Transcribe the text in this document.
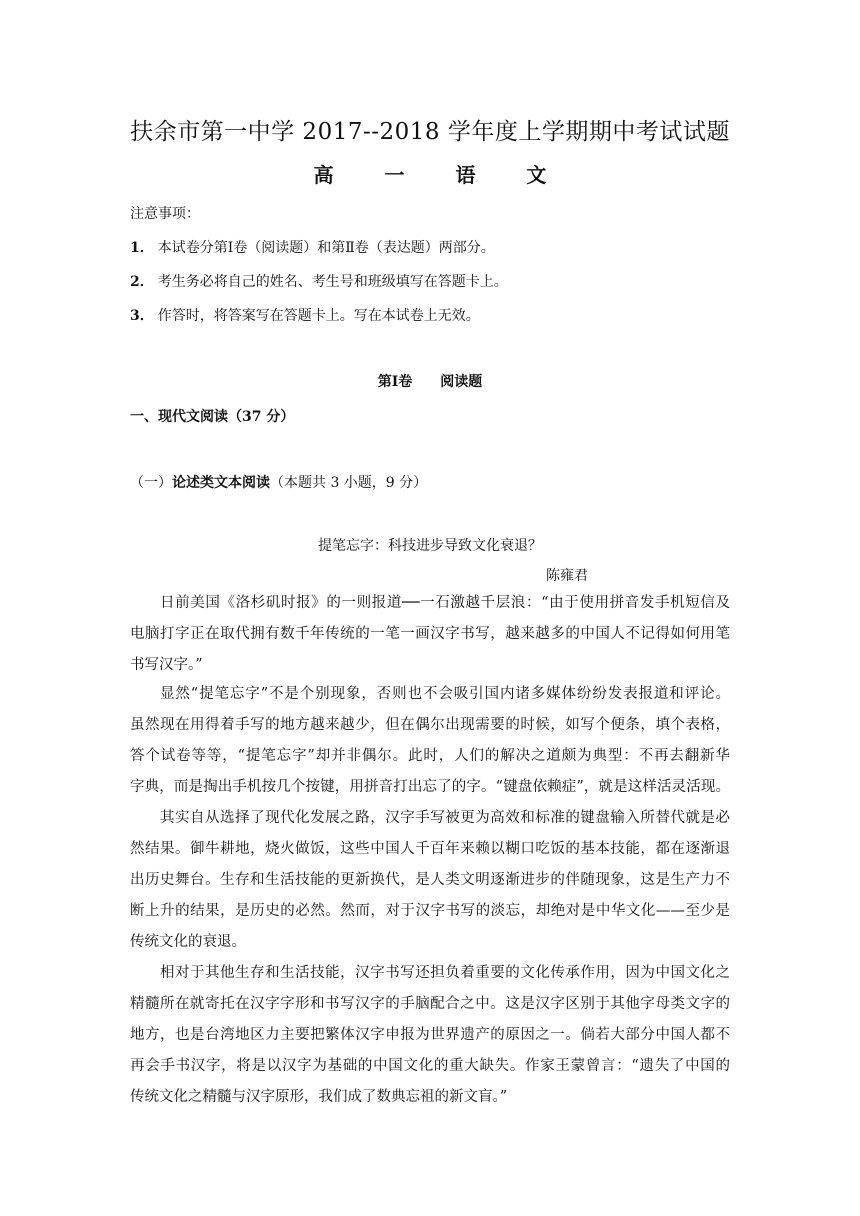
扶余市第一中学 2017--2018 学年度上学期期中考试试题
高 一 语 文
注意事项：
1． 本试卷分第Ⅰ卷（阅读题）和第Ⅱ卷（表达题）两部分。
2． 考生务必将自己的姓名、考生号和班级填写在答题卡上。
3． 作答时，将答案写在答题卡上。写在本试卷上无效。
第Ⅰ卷 阅读题
一、现代文阅读（37 分）
（一）论述类文本阅读（本题共 3 小题，9 分）
提笔忘字：科技进步导致文化衰退？
陈雍君
日前美国《洛杉矶时报》的一则报道──一石激越千层浪：“由于使用拼音发手机短信及
电脑打字正在取代拥有数千年传统的一笔一画汉字书写，越来越多的中国人不记得如何用笔
书写汉字。”
显然“提笔忘字”不是个别现象，否则也不会吸引国内诸多媒体纷纷发表报道和评论。
虽然现在用得着手写的地方越来越少，但在偶尔出现需要的时候，如写个便条，填个表格，
答个试卷等等，“提笔忘字”却并非偶尔。此时，人们的解决之道颇为典型：不再去翻新华
字典，而是掏出手机按几个按键，用拼音打出忘了的字。“键盘依赖症”，就是这样活灵活现。
其实自从选择了现代化发展之路，汉字手写被更为高效和标准的键盘输入所替代就是必
然结果。御牛耕地，烧火做饭，这些中国人千百年来赖以糊口吃饭的基本技能，都在逐渐退
出历史舞台。生存和生活技能的更新换代，是人类文明逐渐进步的伴随现象，这是生产力不
断上升的结果，是历史的必然。然而，对于汉字书写的淡忘，却绝对是中华文化——至少是
传统文化的衰退。
相对于其他生存和生活技能，汉字书写还担负着重要的文化传承作用，因为中国文化之
精髓所在就寄托在汉字字形和书写汉字的手脑配合之中。这是汉字区别于其他字母类文字的
地方，也是台湾地区力主要把繁体汉字申报为世界遗产的原因之一。倘若大部分中国人都不
再会手书汉字，将是以汉字为基础的中国文化的重大缺失。作家王蒙曾言：“遗失了中国的
传统文化之精髓与汉字原形，我们成了数典忘祖的新文盲。”
